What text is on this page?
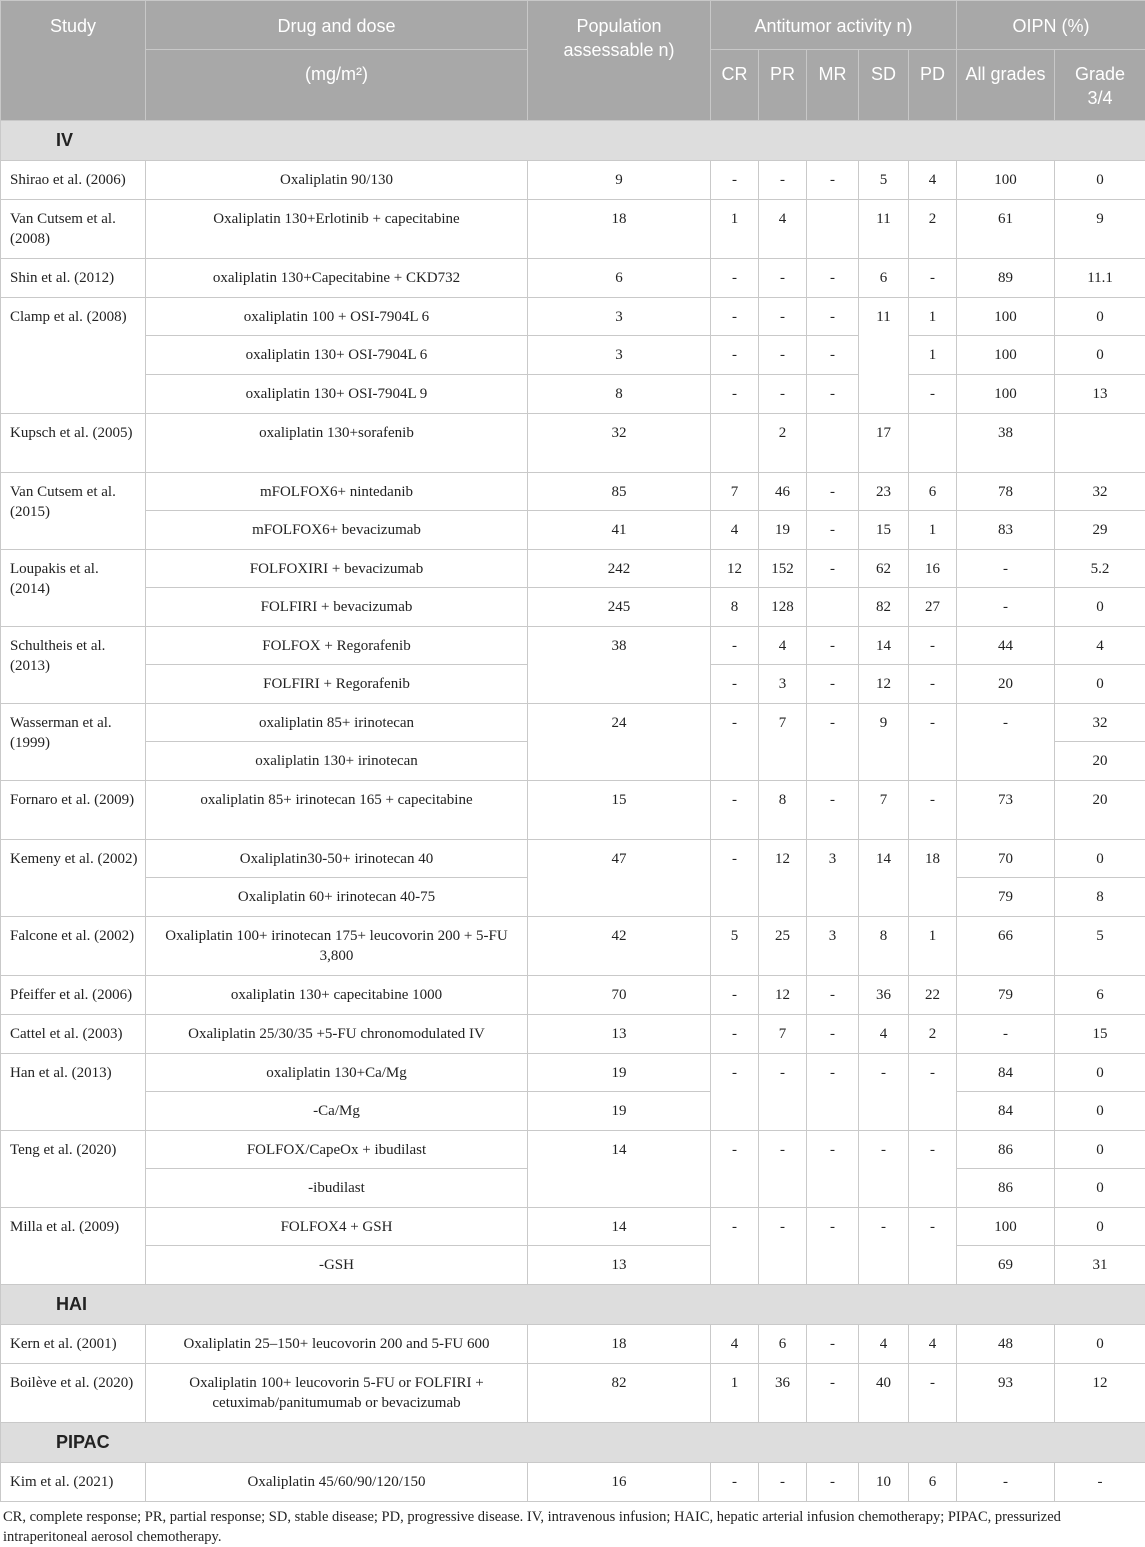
Study	Drug and dose	Population assessable n)	Antitumor activity n)					OIPN (%)	
	(mg/m²)		CR	PR	MR	SD	PD	All grades	Grade 3/4
IV									
Shirao et al. (2006)	Oxaliplatin 90/130	9	-	-	-	5	4	100	0
Van Cutsem et al. (2008)	Oxaliplatin 130+Erlotinib + capecitabine	18	1	4		11	2	61	9
Shin et al. (2012)	oxaliplatin 130+Capecitabine + CKD732	6	-	-	-	6	-	89	11.1
Clamp et al. (2008)	oxaliplatin 100 + OSI-7904L 6	3	-	-	-	11	1	100	0
	oxaliplatin 130+ OSI-7904L 6	3	-	-	-		1	100	0
	oxaliplatin 130+ OSI-7904L 9	8	-	-	-		-	100	13
Kupsch et al. (2005)	oxaliplatin 130+sorafenib	32		2		17		38	
Van Cutsem et al. (2015)	mFOLFOX6+ nintedanib	85	7	46	-	23	6	78	32
	mFOLFOX6+ bevacizumab	41	4	19	-	15	1	83	29
Loupakis et al. (2014)	FOLFOXIRI + bevacizumab	242	12	152	-	62	16	-	5.2
	FOLFIRI + bevacizumab	245	8	128		82	27	-	0
Schultheis et al. (2013)	FOLFOX + Regorafenib	38	-	4	-	14	-	44	4
	FOLFIRI + Regorafenib		-	3	-	12	-	20	0
Wasserman et al. (1999)	oxaliplatin 85+ irinotecan	24	-	7	-	9	-	-	32
	oxaliplatin 130+ irinotecan								20
Fornaro et al. (2009)	oxaliplatin 85+ irinotecan 165 + capecitabine	15	-	8	-	7	-	73	20
Kemeny et al. (2002)	Oxaliplatin30-50+ irinotecan 40	47	-	12	3	14	18	70	0
	Oxaliplatin 60+ irinotecan 40-75							79	8
Falcone et al. (2002)	Oxaliplatin 100+ irinotecan 175+ leucovorin 200 + 5-FU 3,800	42	5	25	3	8	1	66	5
Pfeiffer et al. (2006)	oxaliplatin 130+ capecitabine 1000	70	-	12	-	36	22	79	6
Cattel et al. (2003)	Oxaliplatin 25/30/35 +5-FU chronomodulated IV	13	-	7	-	4	2	-	15
Han et al. (2013)	oxaliplatin 130+Ca/Mg	19	-	-	-	-	-	84	0
	-Ca/Mg	19						84	0
Teng et al. (2020)	FOLFOX/CapeOx + ibudilast	14	-	-	-	-	-	86	0
	-ibudilast							86	0
Milla et al. (2009)	FOLFOX4 + GSH	14	-	-	-	-	-	100	0
	-GSH	13						69	31
HAI									
Kern et al. (2001)	Oxaliplatin 25–150+ leucovorin 200 and 5-FU 600	18	4	6	-	4	4	48	0
Boilève et al. (2020)	Oxaliplatin 100+ leucovorin 5-FU or FOLFIRI + cetuximab/panitumumab or bevacizumab	82	1	36	-	40	-	93	12
PIPAC									
Kim et al. (2021)	Oxaliplatin 45/60/90/120/150	16	-	-	-	10	6	-	-
CR, complete response; PR, partial response; SD, stable disease; PD, progressive disease. IV, intravenous infusion; HAIC, hepatic arterial infusion chemotherapy; PIPAC, pressurized intraperitoneal aerosol chemotherapy.
